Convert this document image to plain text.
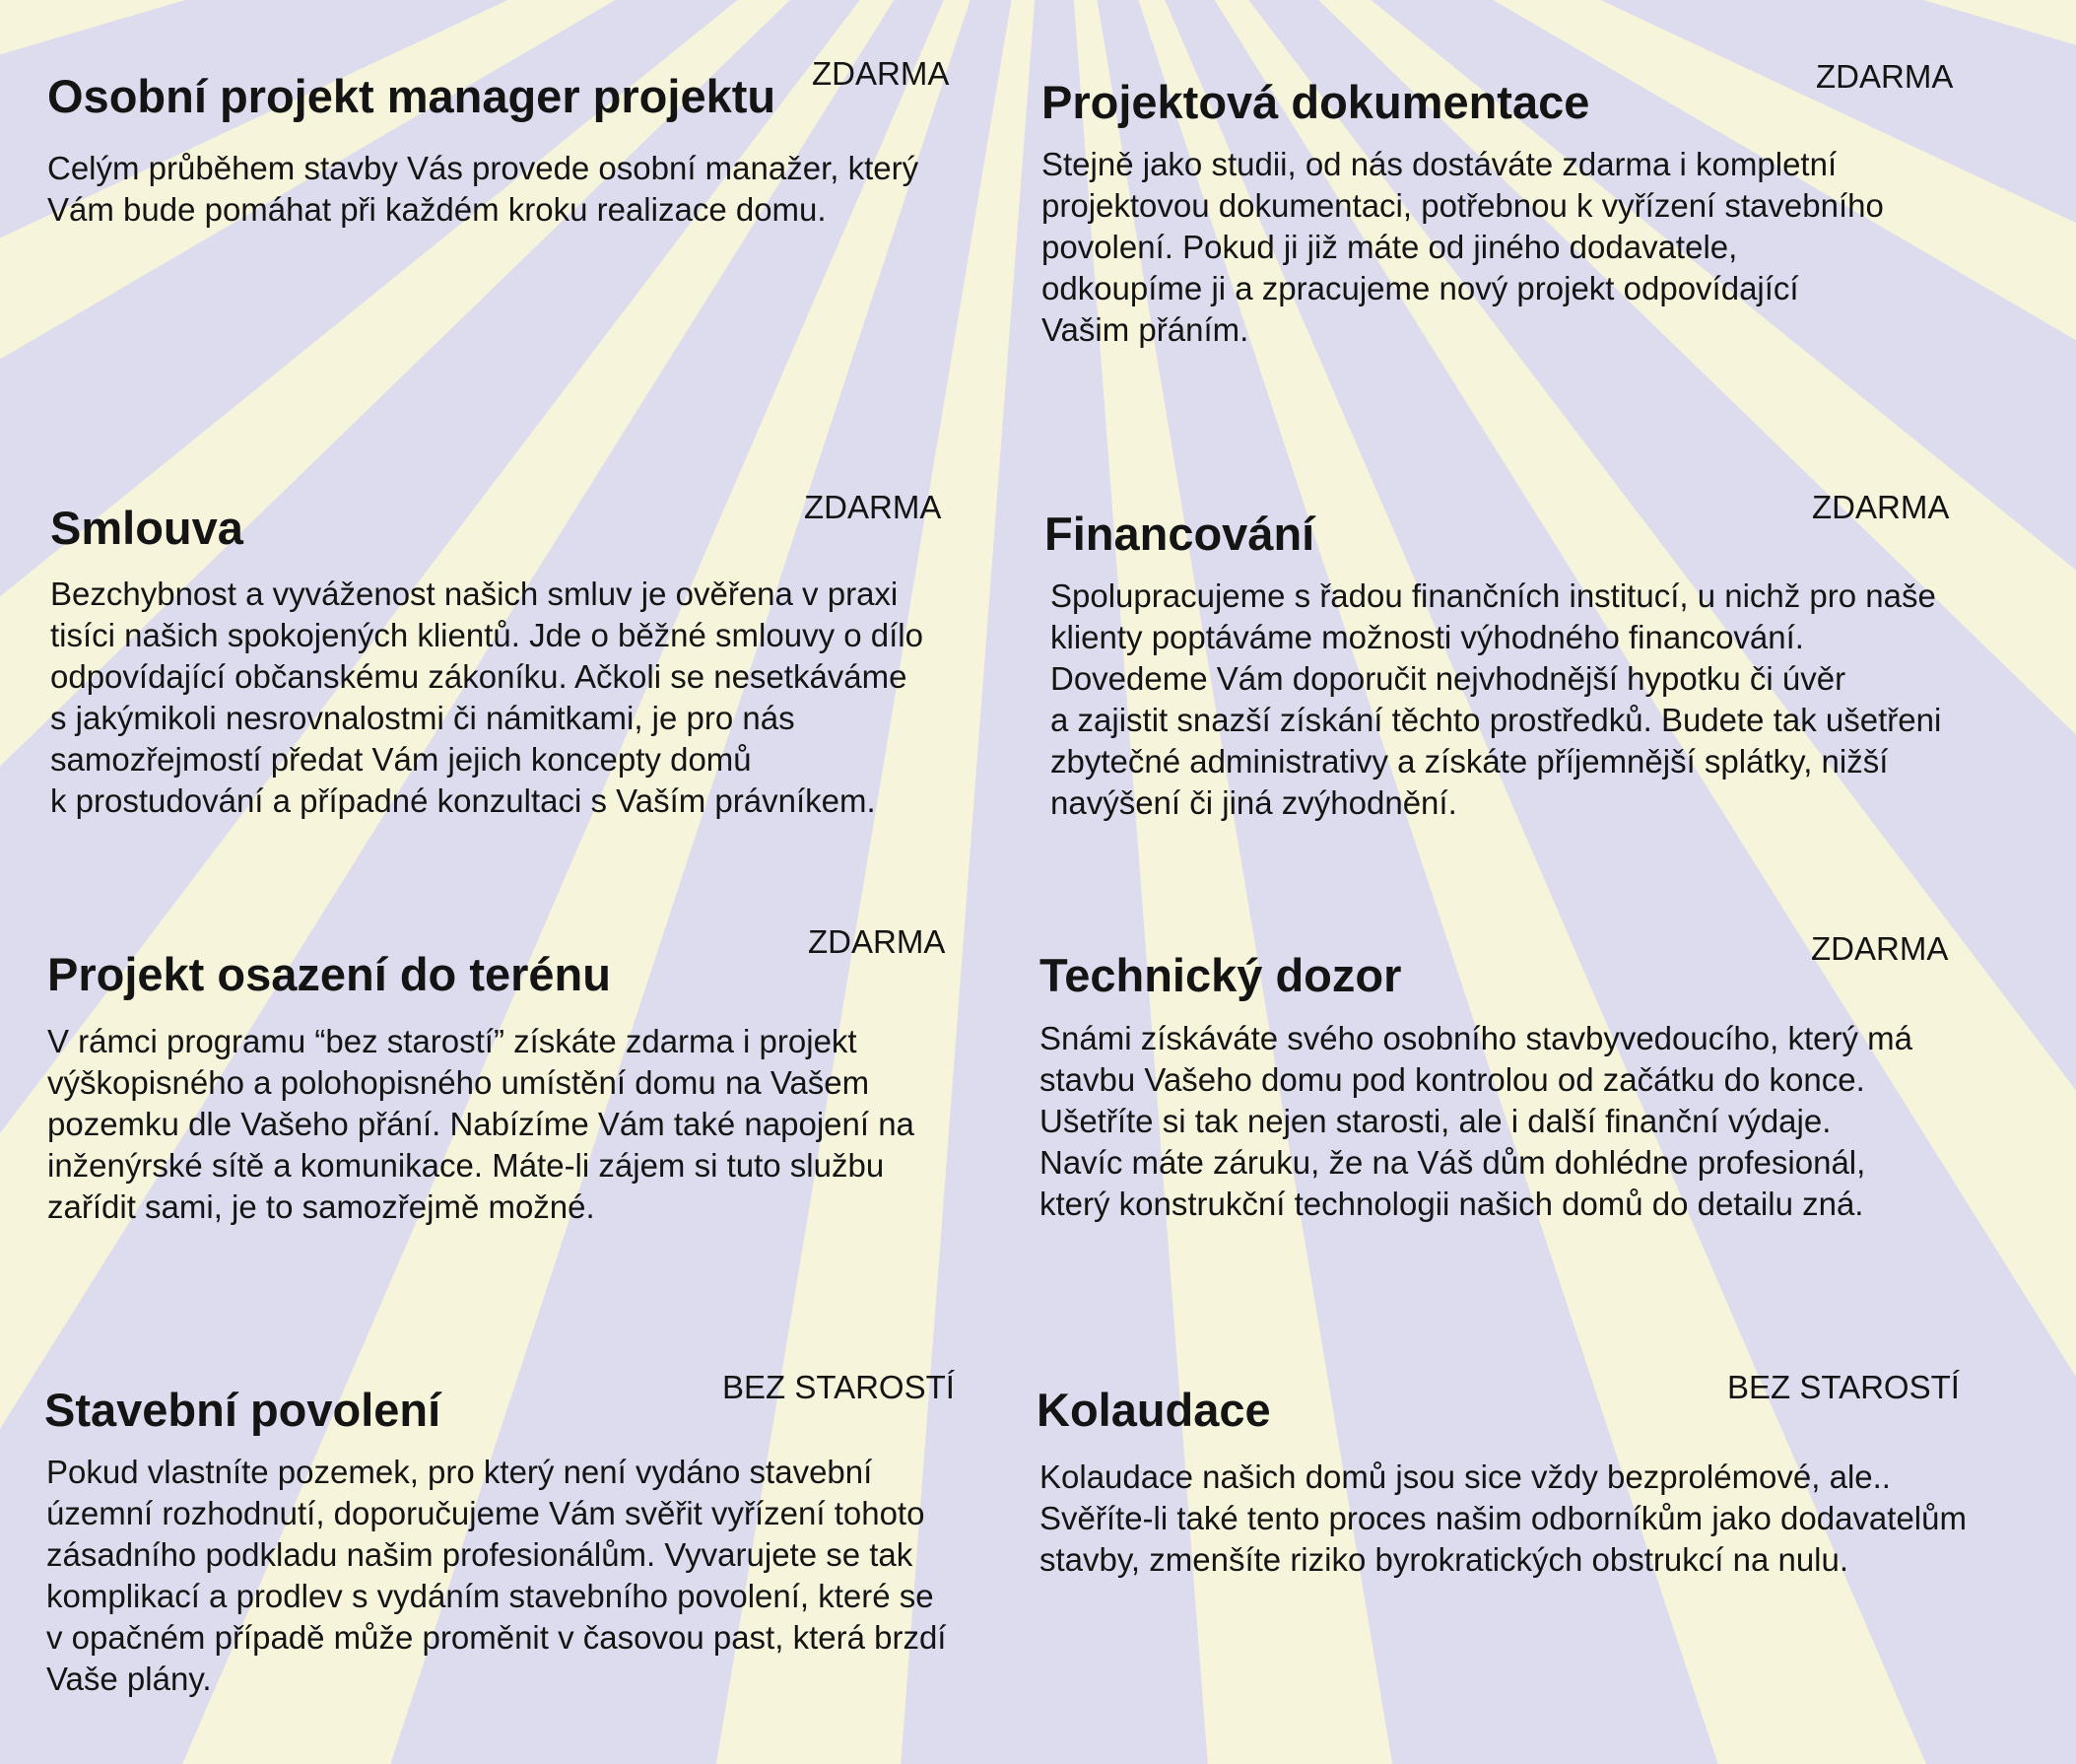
Osobní projekt manager projektu ZDARMA
Celým průběhem stavby Vás provede osobní manažer, který
Vám bude pomáhat při každém kroku realizace domu.
Projektová dokumentace	ZDARMA
Stejně jako studii, od nás dostáváte zdarma i kompletní
projektovou dokumentaci, potřebnou k vyřízení stavebního
povolení. Pokud ji již máte od jiného dodavatele,
odkoupíme ji a zpracujeme nový projekt odpovídající
Vašim přáním.
Smlouva	ZDARMA
Bezchybnost a vyváženost našich smluv je ověřena v praxi
tisíci našich spokojených klientů. Jde o běžné smlouvy o dílo
odpovídající občanskému zákoníku. Ačkoli se nesetkáváme
s jakýmikoli nesrovnalostmi či námitkami, je pro nás
samozřejmostí předat Vám jejich koncepty domů
k prostudování a případné konzultaci s Vaším právníkem.
Financování
ZDARMA
Spolupracujeme s řadou finančních institucí, u nichž pro naše
klienty poptáváme možnosti výhodného financování.
Dovedeme Vám doporučit nejvhodnější hypotku či úvěr
a zajistit snazší získání těchto prostředků. Budete tak ušetřeni
zbytečné administrativy a získáte příjemnější splátky, nižší
navýšení či jiná zvýhodnění.
Projekt osazení do terénu
ZDARMA
V rámci programu “bez starostí” získáte zdarma i projekt
výškopisného a polohopisného umístění domu na Vašem
pozemku dle Vašeho přání. Nabízíme Vám také napojení na
inženýrské sítě a komunikace. Máte-li zájem si tuto službu
zařídit sami, je to samozřejmě možné.
Technický dozor
ZDARMA
Snámi získáváte svého osobního stavbyvedoucího, který má
stavbu Vašeho domu pod kontrolou od začátku do konce.
Ušetříte si tak nejen starosti, ale i další finanční výdaje.
Navíc máte záruku, že na Váš dům dohlédne profesionál,
který konstrukční technologii našich domů do detailu zná.
Stavební povolení	BEZ STAROSTÍ
Pokud vlastníte pozemek, pro který není vydáno stavební
územní rozhodnutí, doporučujeme Vám svěřit vyřízení tohoto
zásadního podkladu našim profesionálům. Vyvarujete se tak
komplikací a prodlev s vydáním stavebního povolení, které se
v opačném případě může proměnit v časovou past, která brzdí
Vaše plány.
Kolaudace	BEZ STAROSTÍ
Kolaudace našich domů jsou sice vždy bezprolémové, ale..
Svěříte-li také tento proces našim odborníkům jako dodavatelům
stavby, zmenšíte riziko byrokratických obstrukcí na nulu.
